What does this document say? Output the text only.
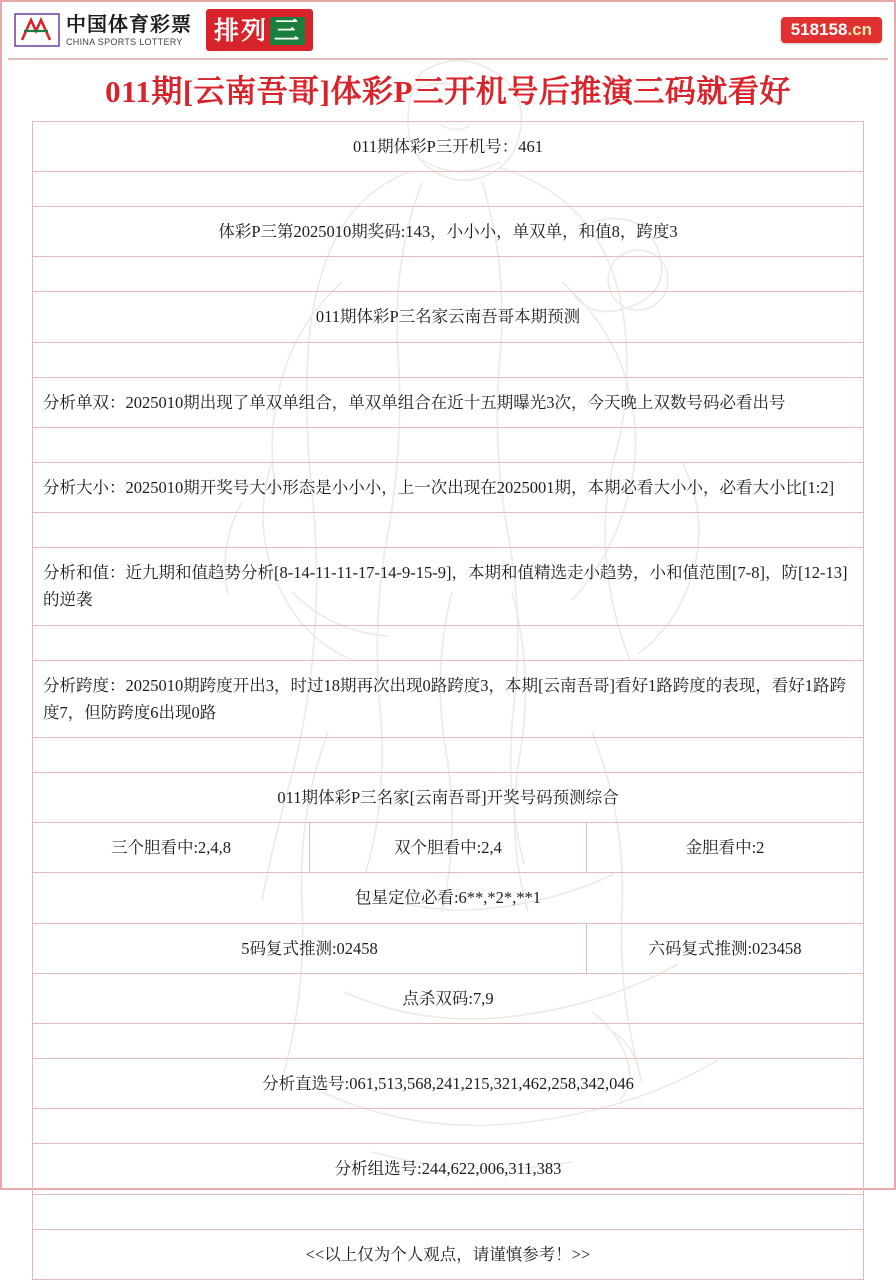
中国体育彩票
CHINA SPORTS LOTTERY	排列 三	518158.cn
011期[云南吾哥]体彩P三开机号后推演三码就看好
011期体彩P三开机号：461		

体彩P三第2025010期奖码:143，小小小，单双单，和值8，跨度3		

011期体彩P三名家云南吾哥本期预测		

分析单双：2025010期出现了单双单组合，单双单组合在近十五期曝光3次，今天晚上双数号码必看出号		

分析大小：2025010期开奖号大小形态是小小小，上一次出现在2025001期，本期必看大小小，必看大小比[1:2]		

分析和值：近九期和值趋势分析[8-14-11-11-17-14-9-15-9]，本期和值精选走小趋势，小和值范围[7-8]，防[12-13]的逆袭		

分析跨度：2025010期跨度开出3，时过18期再次出现0路跨度3，本期[云南吾哥]看好1路跨度的表现，看好1路跨度7，但防跨度6出现0路		

011期体彩P三名家[云南吾哥]开奖号码预测综合		
三个胆看中:2,4,8	双个胆看中:2,4	金胆看中:2
包星定位必看:6**,*2*,**1		
5码复式推测:02458		六码复式推测:023458
点杀双码:7,9		

分析直选号:061,513,568,241,215,321,462,258,342,046		

分析组选号:244,622,006,311,383		

<<以上仅为个人观点，请谨慎参考！>>		
